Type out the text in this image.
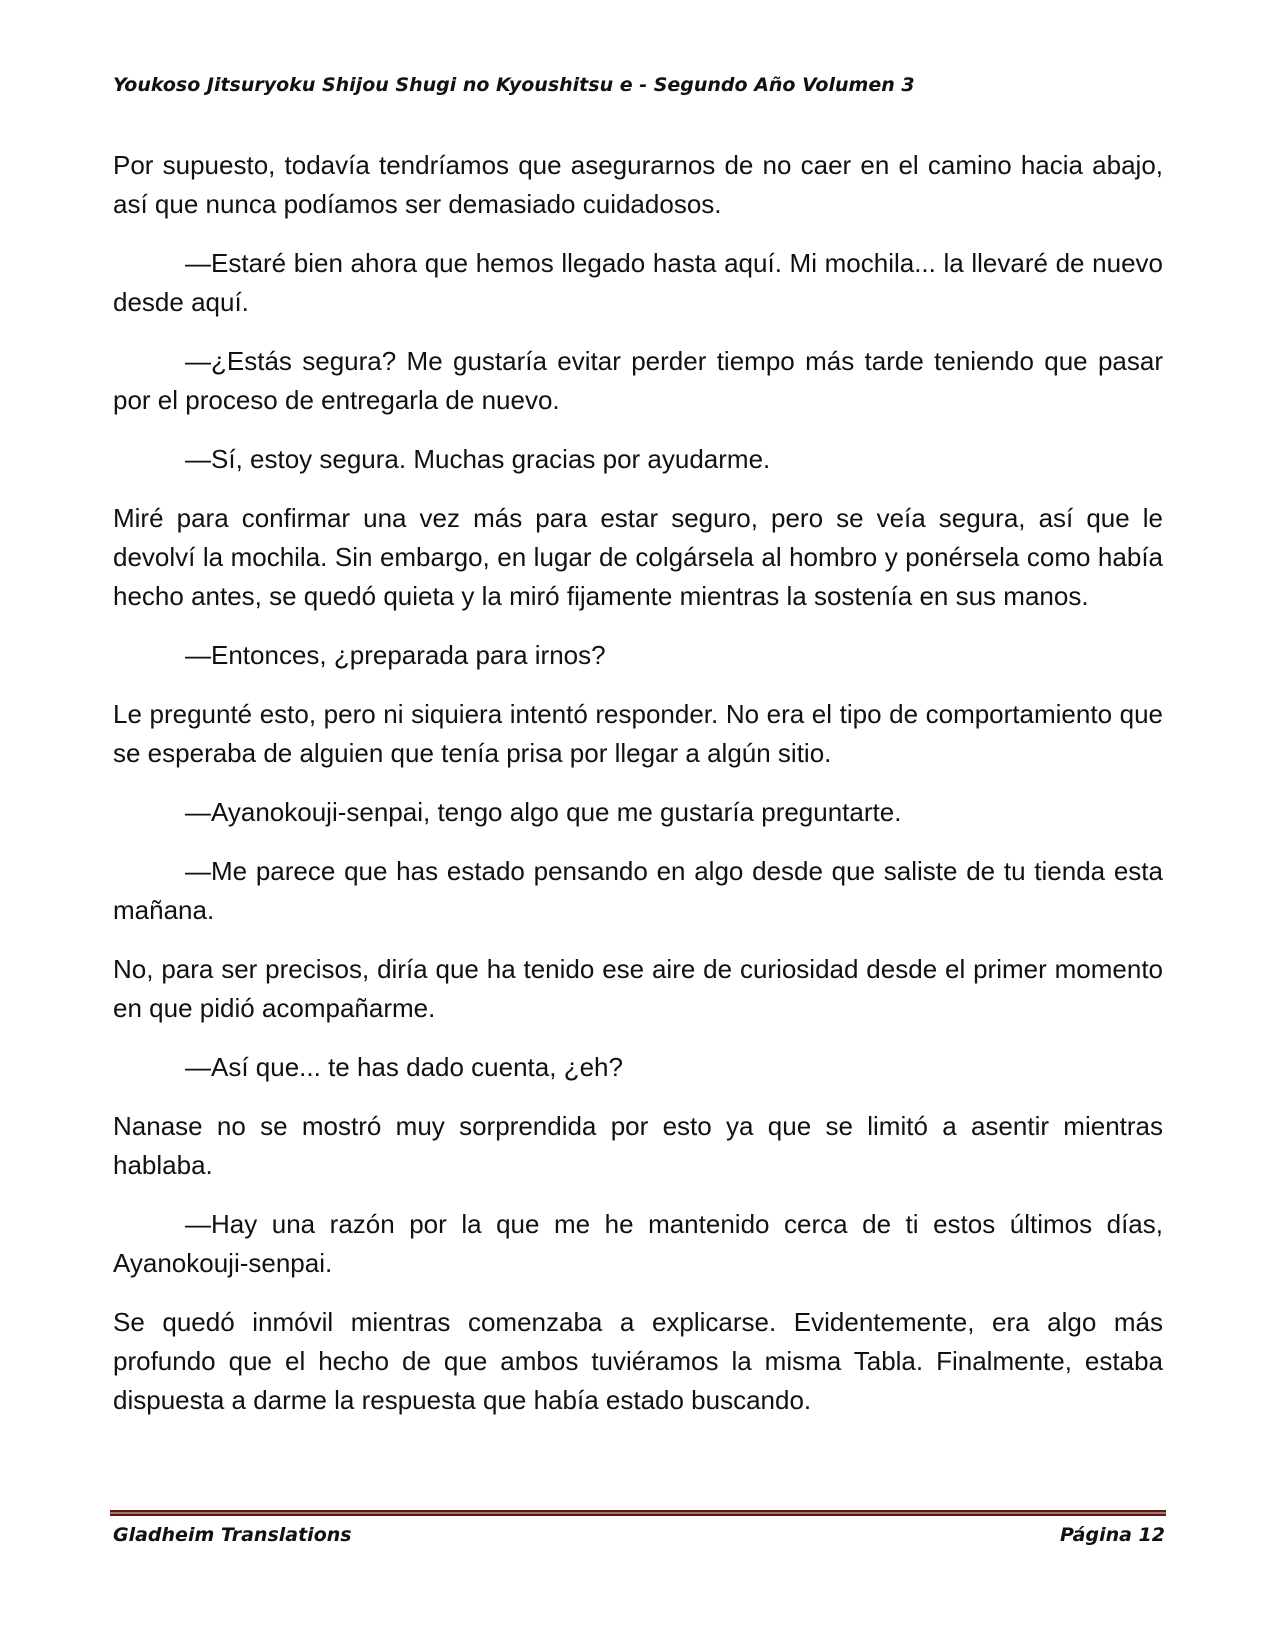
Youkoso Jitsuryoku Shijou Shugi no Kyoushitsu e - Segundo Año Volumen 3

Por supuesto, todavía tendríamos que asegurarnos de no caer en el camino hacia abajo, así que nunca podíamos ser demasiado cuidadosos.

—Estaré bien ahora que hemos llegado hasta aquí. Mi mochila... la llevaré de nuevo desde aquí.

—¿Estás segura? Me gustaría evitar perder tiempo más tarde teniendo que pasar por el proceso de entregarla de nuevo.

—Sí, estoy segura. Muchas gracias por ayudarme.

Miré para confirmar una vez más para estar seguro, pero se veía segura, así que le devolví la mochila. Sin embargo, en lugar de colgársela al hombro y ponérsela como había hecho antes, se quedó quieta y la miró fijamente mientras la sostenía en sus manos.

—Entonces, ¿preparada para irnos?

Le pregunté esto, pero ni siquiera intentó responder. No era el tipo de comportamiento que se esperaba de alguien que tenía prisa por llegar a algún sitio.

—Ayanokouji-senpai, tengo algo que me gustaría preguntarte.

—Me parece que has estado pensando en algo desde que saliste de tu tienda esta mañana.

No, para ser precisos, diría que ha tenido ese aire de curiosidad desde el primer momento en que pidió acompañarme.

—Así que... te has dado cuenta, ¿eh?

Nanase no se mostró muy sorprendida por esto ya que se limitó a asentir mientras hablaba.

—Hay una razón por la que me he mantenido cerca de ti estos últimos días, Ayanokouji-senpai.

Se quedó inmóvil mientras comenzaba a explicarse. Evidentemente, era algo más profundo que el hecho de que ambos tuviéramos la misma Tabla. Finalmente, estaba dispuesta a darme la respuesta que había estado buscando.

Gladheim Translations	Página 12
